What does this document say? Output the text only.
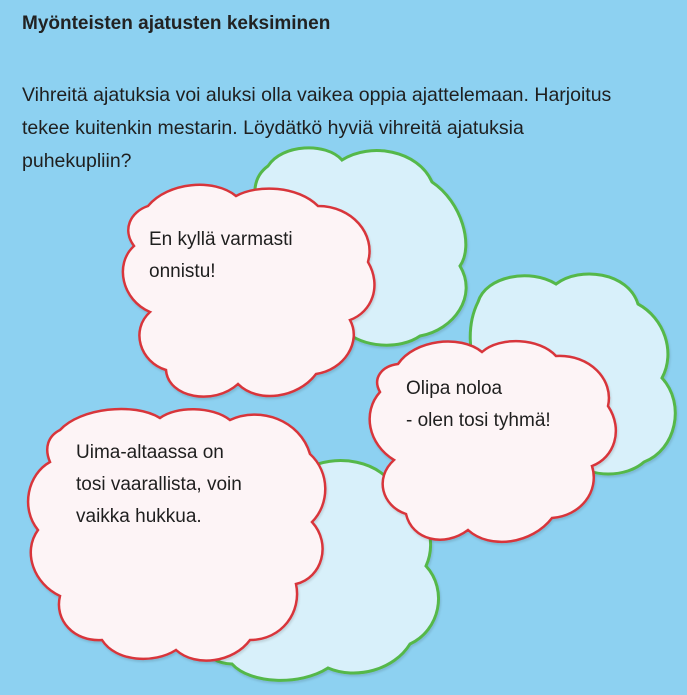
Myönteisten ajatusten keksiminen

Vihreitä ajatuksia voi aluksi olla vaikea oppia ajattelemaan. Harjoitus tekee kuitenkin mestarin. Löydätkö hyviä vihreitä ajatuksia puhekupliin?

En kyllä varmasti
onnistu!
Olipa noloa
- olen tosi tyhmä!
Uima-altaassa on
tosi vaarallista, voin
vaikka hukkua.
